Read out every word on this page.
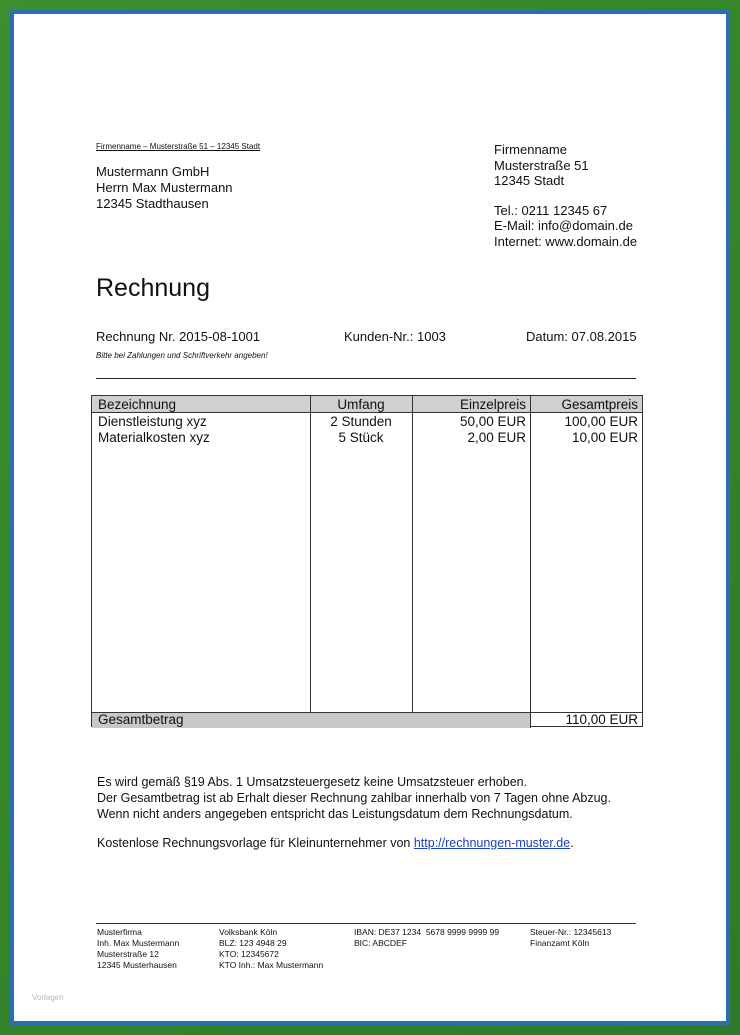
Firmenname – Musterstraße 51 – 12345 Stadt
Mustermann GmbH
Herrn Max Mustermann
12345 Stadthausen
Firmenname
Musterstraße 51
12345 Stadt
Tel.: 0211 12345 67
E-Mail: info@domain.de
Internet: www.domain.de
Rechnung
Rechnung Nr. 2015-08-1001	Kunden-Nr.: 1003	Datum: 07.08.2015
Bitte bei Zahlungen und Schriftverkehr angeben!
Bezeichnung	Umfang	Einzelpreis	Gesamtpreis
Dienstleistung xyz	2 Stunden	50,00 EUR	100,00 EUR
Materialkosten xyz	5 Stück	2,00 EUR	10,00 EUR
Gesamtbetrag	110,00 EUR
Es wird gemäß §19 Abs. 1 Umsatzsteuergesetz keine Umsatzsteuer erhoben.
Der Gesamtbetrag ist ab Erhalt dieser Rechnung zahlbar innerhalb von 7 Tagen ohne Abzug.
Wenn nicht anders angegeben entspricht das Leistungsdatum dem Rechnungsdatum.
Kostenlose Rechnungsvorlage für Kleinunternehmer von http://rechnungen-muster.de.
Musterfirma
Inh. Max Mustermann
Musterstraße 12
12345 Musterhausen
Volksbank Köln
BLZ: 123 4948 29
KTO: 12345672
KTO Inh.: Max Mustermann
IBAN: DE37 1234  5678 9999 9999 99
BIC: ABCDEF
Steuer-Nr.: 12345613
Finanzamt Köln
Vorlagen
